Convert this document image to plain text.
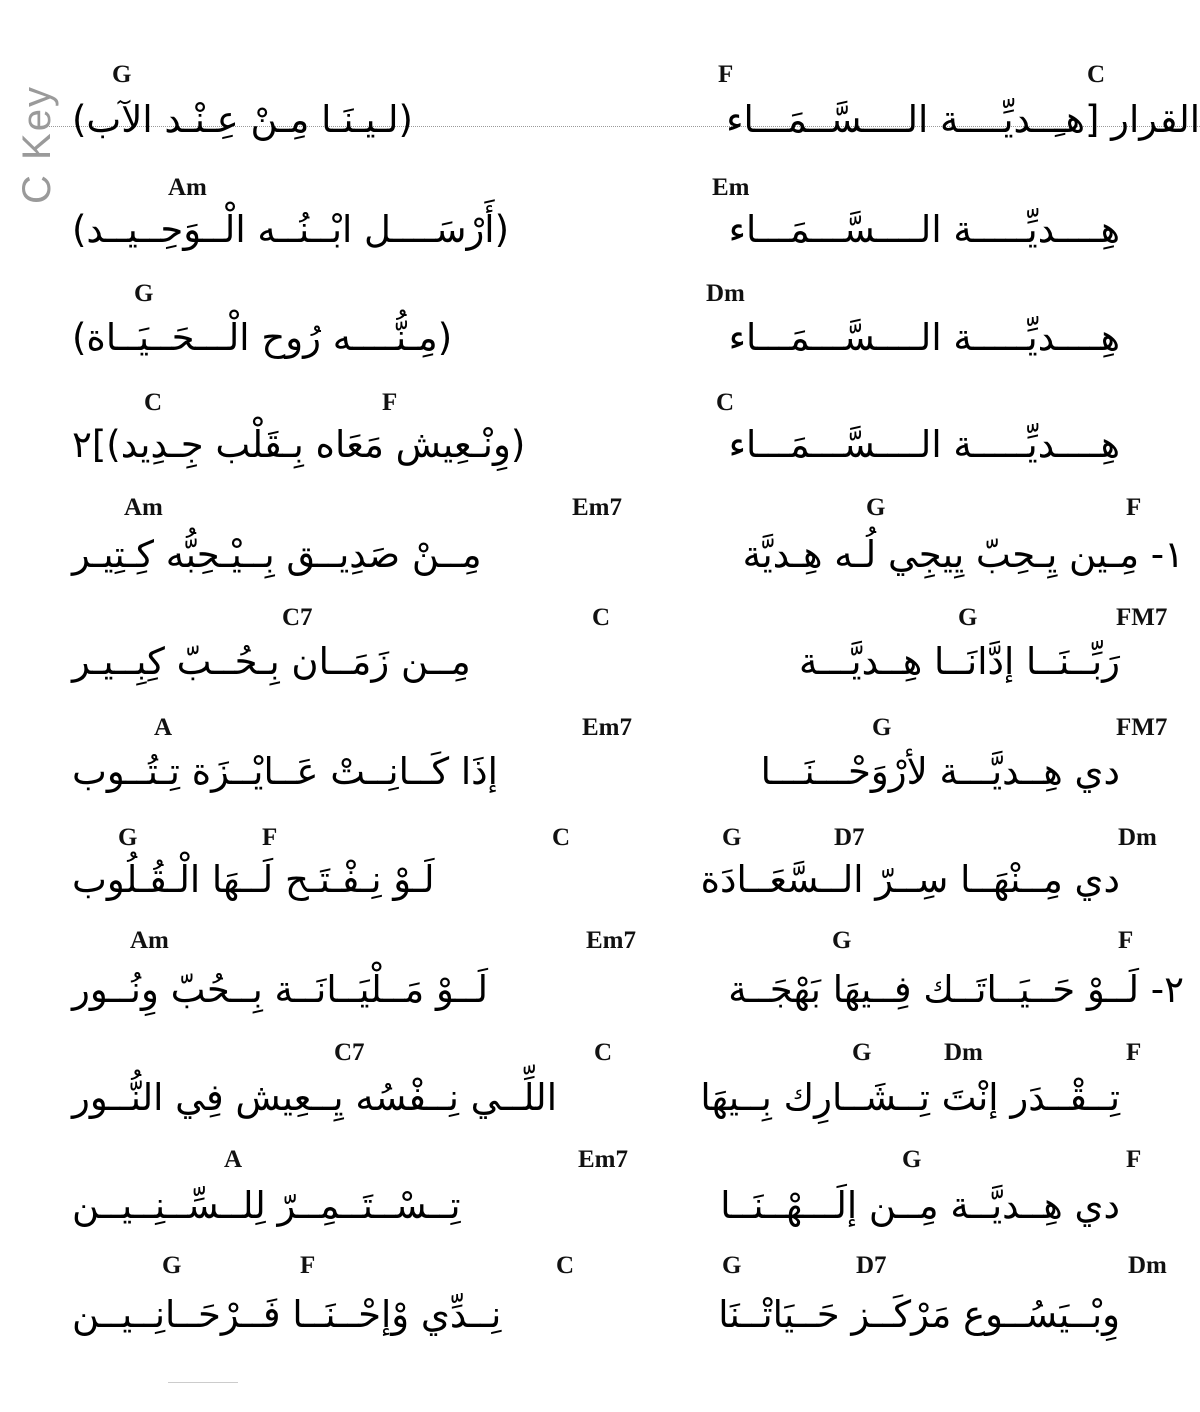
C Key
G	F	C
القرار [هـِــديِّــــة الــــسَّــمَـــاء
(لـيـنَـا مِـنْ عِـنْـد الآب)
Am	Em
هِــــديِّـــــة الــــسَّـــمَـــاء
(أَرْسَــــل ابْــنُــه الْــوَحِــيــد)
G	Dm
هِــــديِّـــــة الــــسَّـــمَـــاء
(مِـنُّــــه رُوح الْـــحَــيَــاة)
C	F	C
هِــــديِّـــــة الــــسَّـــمَـــاء
(وِنْـعِيش مَعَاه بِـقَلْب جِـدِيد)]٢
Am	Em7	G	F
١- مِـين يِـحِبّ يِيجِي لُـه هِـديَّة
مِــنْ صَدِيــق بِــيْـحِبُّه كِـتِيـر
C7	C	G	FM7
رَبِّــنَــا إدَّانَــا هِــديَّـــة
مِــن زَمَــان بِـحُــبّ كِبِــيـر
A	Em7	G	FM7
دي هِــديَّـــة لأرْوَحْـــنَـــا
إذَا كَــانِــتْ عَــايْــزَة تِـتُــوب
G	F	C	G	D7	Dm
دي مِــنْهَــا سِــرّ الــسَّعَــادَة
لَـوْ نِـفْـتَـح لَــهَا الْـقُـلُوب
Am	Em7	G	F
٢- لَــوْ حَــيَــاتَــك فِــيهَا بَهْجَــة
لَــوْ مَــلْيَــانَــة بِــحُبّ وِنُــور
C7	C	G	Dm	F
تِــقْــدَر إنْتَ تِــشَــارِك بِــيهَا
اللِّــي نِــفْسُه يِــعِيش فِي النُّــور
A	Em7	G	F
دي هِــديَّــة مِــن إلَـــهْــنَــا
تِــسْــتَــمِــرّ لِلــسِّــنِــيــن
G	F	C	G	D7	Dm
وِبْــيَسُــوع مَرْكَــز حَــيَاتْــنَا
نِــدِّي وْإحْــنَــا فَــرْحَــانِــيــن
